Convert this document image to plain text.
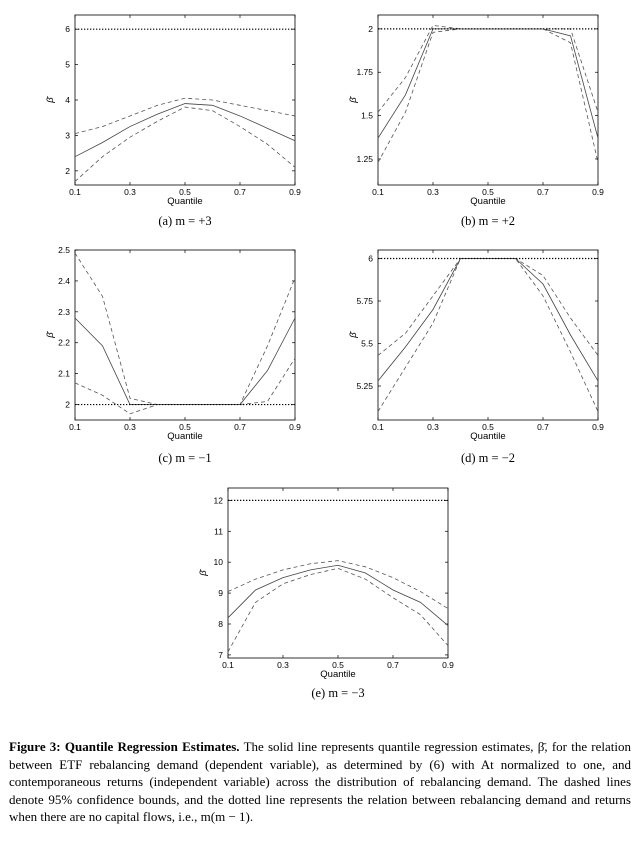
0.1	0.3	0.5	0.7	0.9
2
3
4
5
6
Quantile
β̄
(a) m = +3
0.1	0.3	0.5	0.7	0.9
1.25
1.5
1.75
2
Quantile
β̄
(b) m = +2
0.1	0.3	0.5	0.7	0.9
2
2.1
2.2
2.3
2.4
2.5
Quantile
β̄
(c) m = −1
0.1	0.3	0.5	0.7	0.9
5.25
5.5
5.75
6
Quantile
β̄
(d) m = −2
0.1	0.3	0.5	0.7	0.9
7
8
9
10
11
12
Quantile
β̄
(e) m = −3
Figure 3: Quantile Regression Estimates. The solid line represents quantile regression estimates, β̄, for the relation between ETF rebalancing demand (dependent variable), as determined by (6) with At normalized to one, and contemporaneous returns (independent variable) across the distribution of rebalancing demand. The dashed lines denote 95% confidence bounds, and the dotted line represents the relation between rebalancing demand and returns when there are no capital flows, i.e., m(m − 1).
